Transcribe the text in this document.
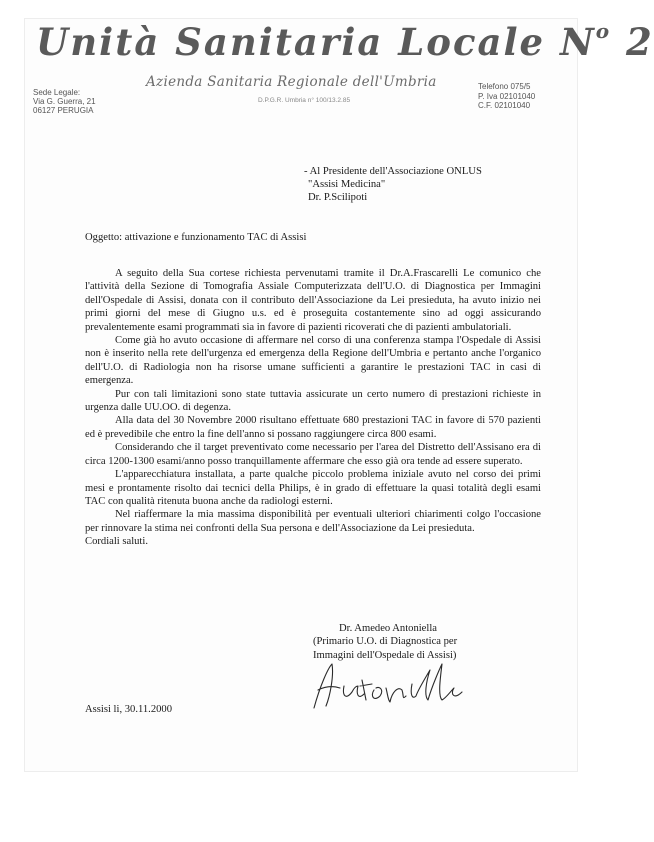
Unità Sanitaria Locale $N^o$ 2
Sede Legale:
Via G. Guerra, 21
06127 PERUGIA
Azienda Sanitaria Regionale dell'Umbria
D.P.G.R. Umbria n° 100/13.2.85
Telefono 075/5
P. Iva 02101040
C.F. 02101040
- Al Presidente dell'Associazione ONLUS
"Assisi Medicina"
Dr. P.Scilipoti
Oggetto: attivazione e funzionamento TAC di Assisi

A seguito della Sua cortese richiesta pervenutami tramite il Dr.A.Frascarelli Le comunico che l'attività della Sezione di Tomografia Assiale Computerizzata dell'U.O. di Diagnostica per Immagini dell'Ospedale di Assisi, donata con il contributo dell'Associazione da Lei presieduta, ha avuto inizio nei primi giorni del mese di Giugno u.s. ed è proseguita costantemente sino ad oggi assicurando prevalentemente esami programmati sia in favore di pazienti ricoverati che di pazienti ambulatoriali.

Come già ho avuto occasione di affermare nel corso di una conferenza stampa l'Ospedale di Assisi non è inserito nella rete dell'urgenza ed emergenza della Regione dell'Umbria e pertanto anche l'organico dell'U.O. di Radiologia non ha risorse umane sufficienti a garantire le prestazioni TAC in casi di emergenza.

Pur con tali limitazioni sono state tuttavia assicurate un certo numero di prestazioni richieste in urgenza dalle UU.OO. di degenza.

Alla data del 30 Novembre 2000 risultano effettuate 680 prestazioni TAC in favore di 570 pazienti ed è prevedibile che entro la fine dell'anno si possano raggiungere circa 800 esami.

Considerando che il target preventivato come necessario per l'area del Distretto dell'Assisano era di circa 1200-1300 esami/anno posso tranquillamente affermare che esso già ora tende ad essere superato.

L'apparecchiatura installata, a parte qualche piccolo problema iniziale avuto nel corso dei primi mesi e prontamente risolto dai tecnici della Philips, è in grado di effettuare la quasi totalità degli esami TAC con qualità ritenuta buona anche da radiologi esterni.

Nel riaffermare la mia massima disponibilità per eventuali ulteriori chiarimenti colgo l'occasione per rinnovare la stima nei confronti della Sua persona e dell'Associazione da Lei presieduta.

Cordiali saluti.

Dr. Amedeo Antoniella
(Primario U.O. di Diagnostica per
Immagini dell'Ospedale di Assisi)
Assisi li, 30.11.2000
